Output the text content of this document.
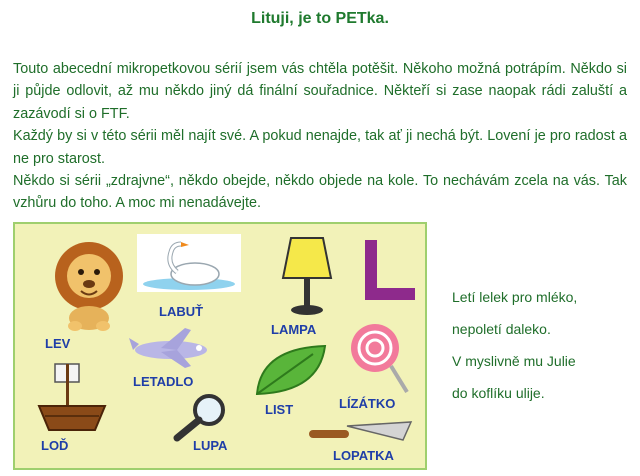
Lituji, je to PETka.

Touto abecední mikropetkovou sérií jsem vás chtěla potěšit. Někoho možná potrápím. Někdo si ji půjde odlovit, až mu někdo jiný dá finální souřadnice. Někteří si zase naopak rádi zaluští a zazávodí si o FTF.

Každý by si v této sérii měl najít své. A pokud nenajde, tak ať ji nechá být. Lovení je pro radost a ne pro starost.

Někdo si sérii „zdrajvne“, někdo obejde, někdo objede na kole. To nechávám zcela na vás. Tak vzhůru do toho. A moc mi nenadávejte.

LEV
LABUŤ
LAMPA
LETADLO
LIST	LÍZÁTKO
LOĎ	LUPA
LOPATKA
Letí lelek pro mléko,
nepoletí daleko.
V myslivně mu Julie
do koflíku ulije.
